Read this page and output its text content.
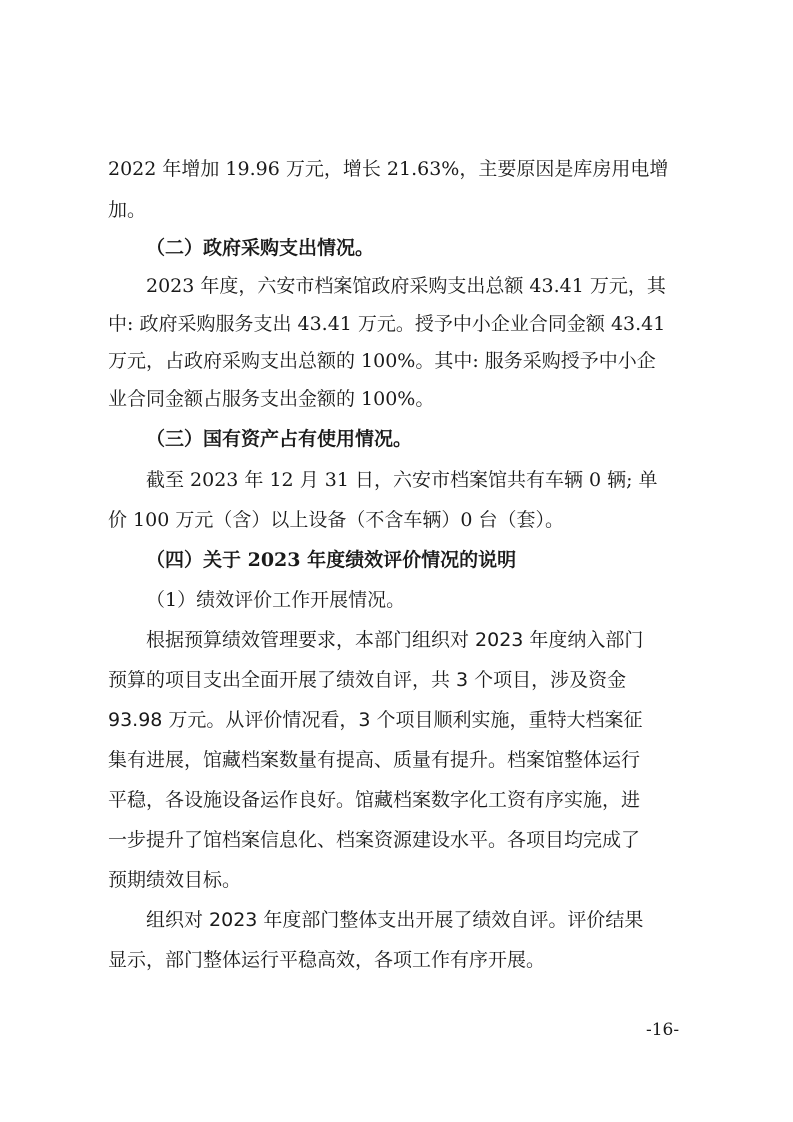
2022 年增加 19.96 万元，增长 21.63%，主要原因是库房用电增
加。
（二）政府采购支出情况。
2023 年度，六安市档案馆政府采购支出总额 43.41 万元，其
中: 政府采购服务支出 43.41 万元。授予中小企业合同金额 43.41
万元，占政府采购支出总额的 100%。其中: 服务采购授予中小企
业合同金额占服务支出金额的 100%。
（三）国有资产占有使用情况。
截至 2023 年 12 月 31 日，六安市档案馆共有车辆 0 辆; 单
价 100 万元（含）以上设备（不含车辆）0 台（套）。
（四）关于 2023 年度绩效评价情况的说明
（1）绩效评价工作开展情况。
根据预算绩效管理要求，本部门组织对 2023 年度纳入部门
预算的项目支出全面开展了绩效自评，共 3 个项目，涉及资金
93.98 万元。从评价情况看，3 个项目顺利实施，重特大档案征
集有进展，馆藏档案数量有提高、质量有提升。档案馆整体运行
平稳，各设施设备运作良好。馆藏档案数字化工资有序实施，进
一步提升了馆档案信息化、档案资源建设水平。各项目均完成了
预期绩效目标。
组织对 2023 年度部门整体支出开展了绩效自评。评价结果
显示，部门整体运行平稳高效，各项工作有序开展。
-16-
